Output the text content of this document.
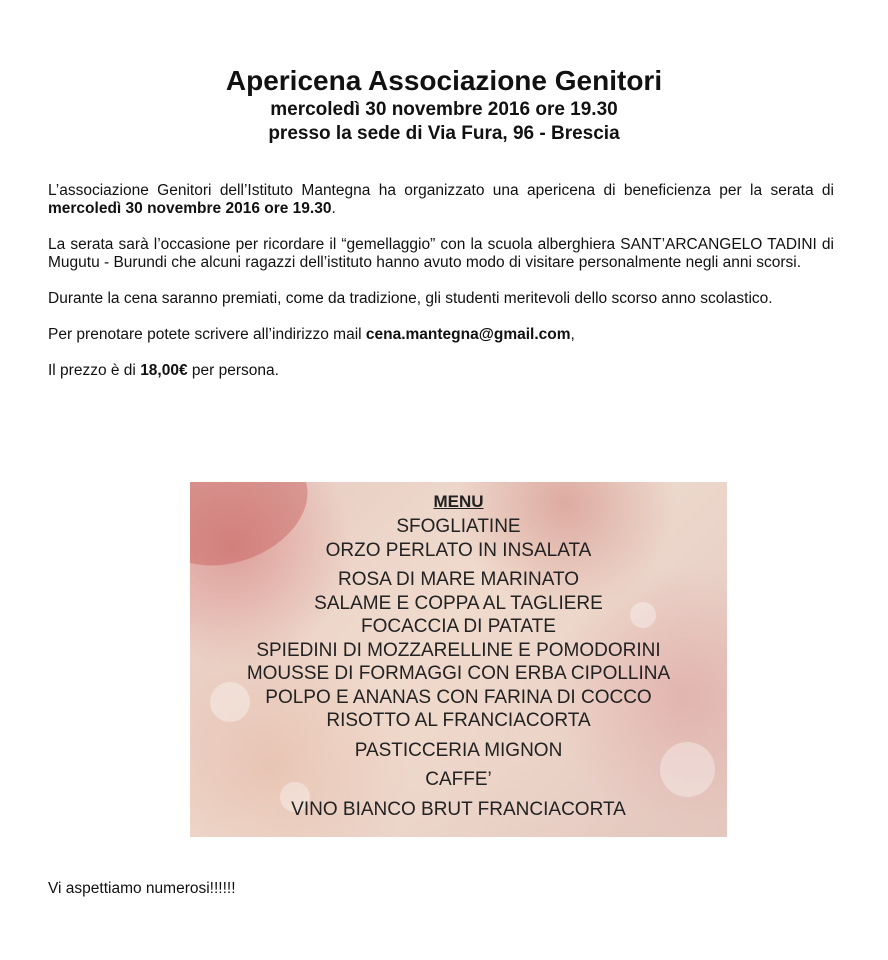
Apericena Associazione Genitori
mercoledì 30 novembre 2016 ore 19.30
presso la sede di Via Fura, 96 - Brescia

L’associazione Genitori dell’Istituto Mantegna ha organizzato una apericena di beneficienza per la serata di mercoledì 30 novembre 2016 ore 19.30.

La serata sarà l’occasione per ricordare il “gemellaggio” con la scuola alberghiera SANT’ARCANGELO TADINI di Mugutu - Burundi che alcuni ragazzi dell’istituto hanno avuto modo di visitare personalmente negli anni scorsi.

Durante la cena saranno premiati, come da tradizione, gli studenti meritevoli dello scorso anno scolastico.

Per prenotare potete scrivere all’indirizzo mail cena.mantegna@gmail.com,

Il prezzo è di 18,00€ per persona.

MENU
SFOGLIATINE
ORZO PERLATO IN INSALATA
ROSA DI MARE MARINATO
SALAME E COPPA AL TAGLIERE
FOCACCIA DI PATATE
SPIEDINI DI MOZZARELLINE E POMODORINI
MOUSSE DI FORMAGGI CON ERBA CIPOLLINA
POLPO E ANANAS CON FARINA DI COCCO
RISOTTO AL FRANCIACORTA
PASTICCERIA MIGNON
CAFFE’
VINO BIANCO BRUT FRANCIACORTA
Vi aspettiamo numerosi!!!!!!
